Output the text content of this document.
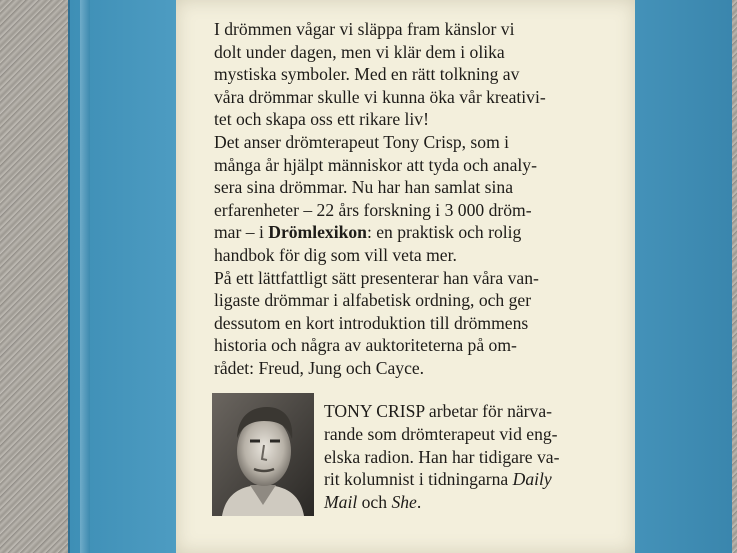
I drömmen vågar vi släppa fram känslor vi
dolt under dagen, men vi klär dem i olika
mystiska symboler. Med en rätt tolkning av
våra drömmar skulle vi kunna öka vår kreativi-
tet och skapa oss ett rikare liv!
Det anser drömterapeut Tony Crisp, som i
många år hjälpt människor att tyda och analy-
sera sina drömmar. Nu har han samlat sina
erfarenheter – 22 års forskning i 3 000 dröm-
mar – i Drömlexikon: en praktisk och rolig
handbok för dig som vill veta mer.
På ett lättfattligt sätt presenterar han våra van-
ligaste drömmar i alfabetisk ordning, och ger
dessutom en kort introduktion till drömmens
historia och några av auktoriteterna på om-
rådet: Freud, Jung och Cayce.
TONY CRISP arbetar för närva-
rande som drömterapeut vid eng-
elska radion. Han har tidigare va-
rit kolumnist i tidningarna Daily
Mail och She.
